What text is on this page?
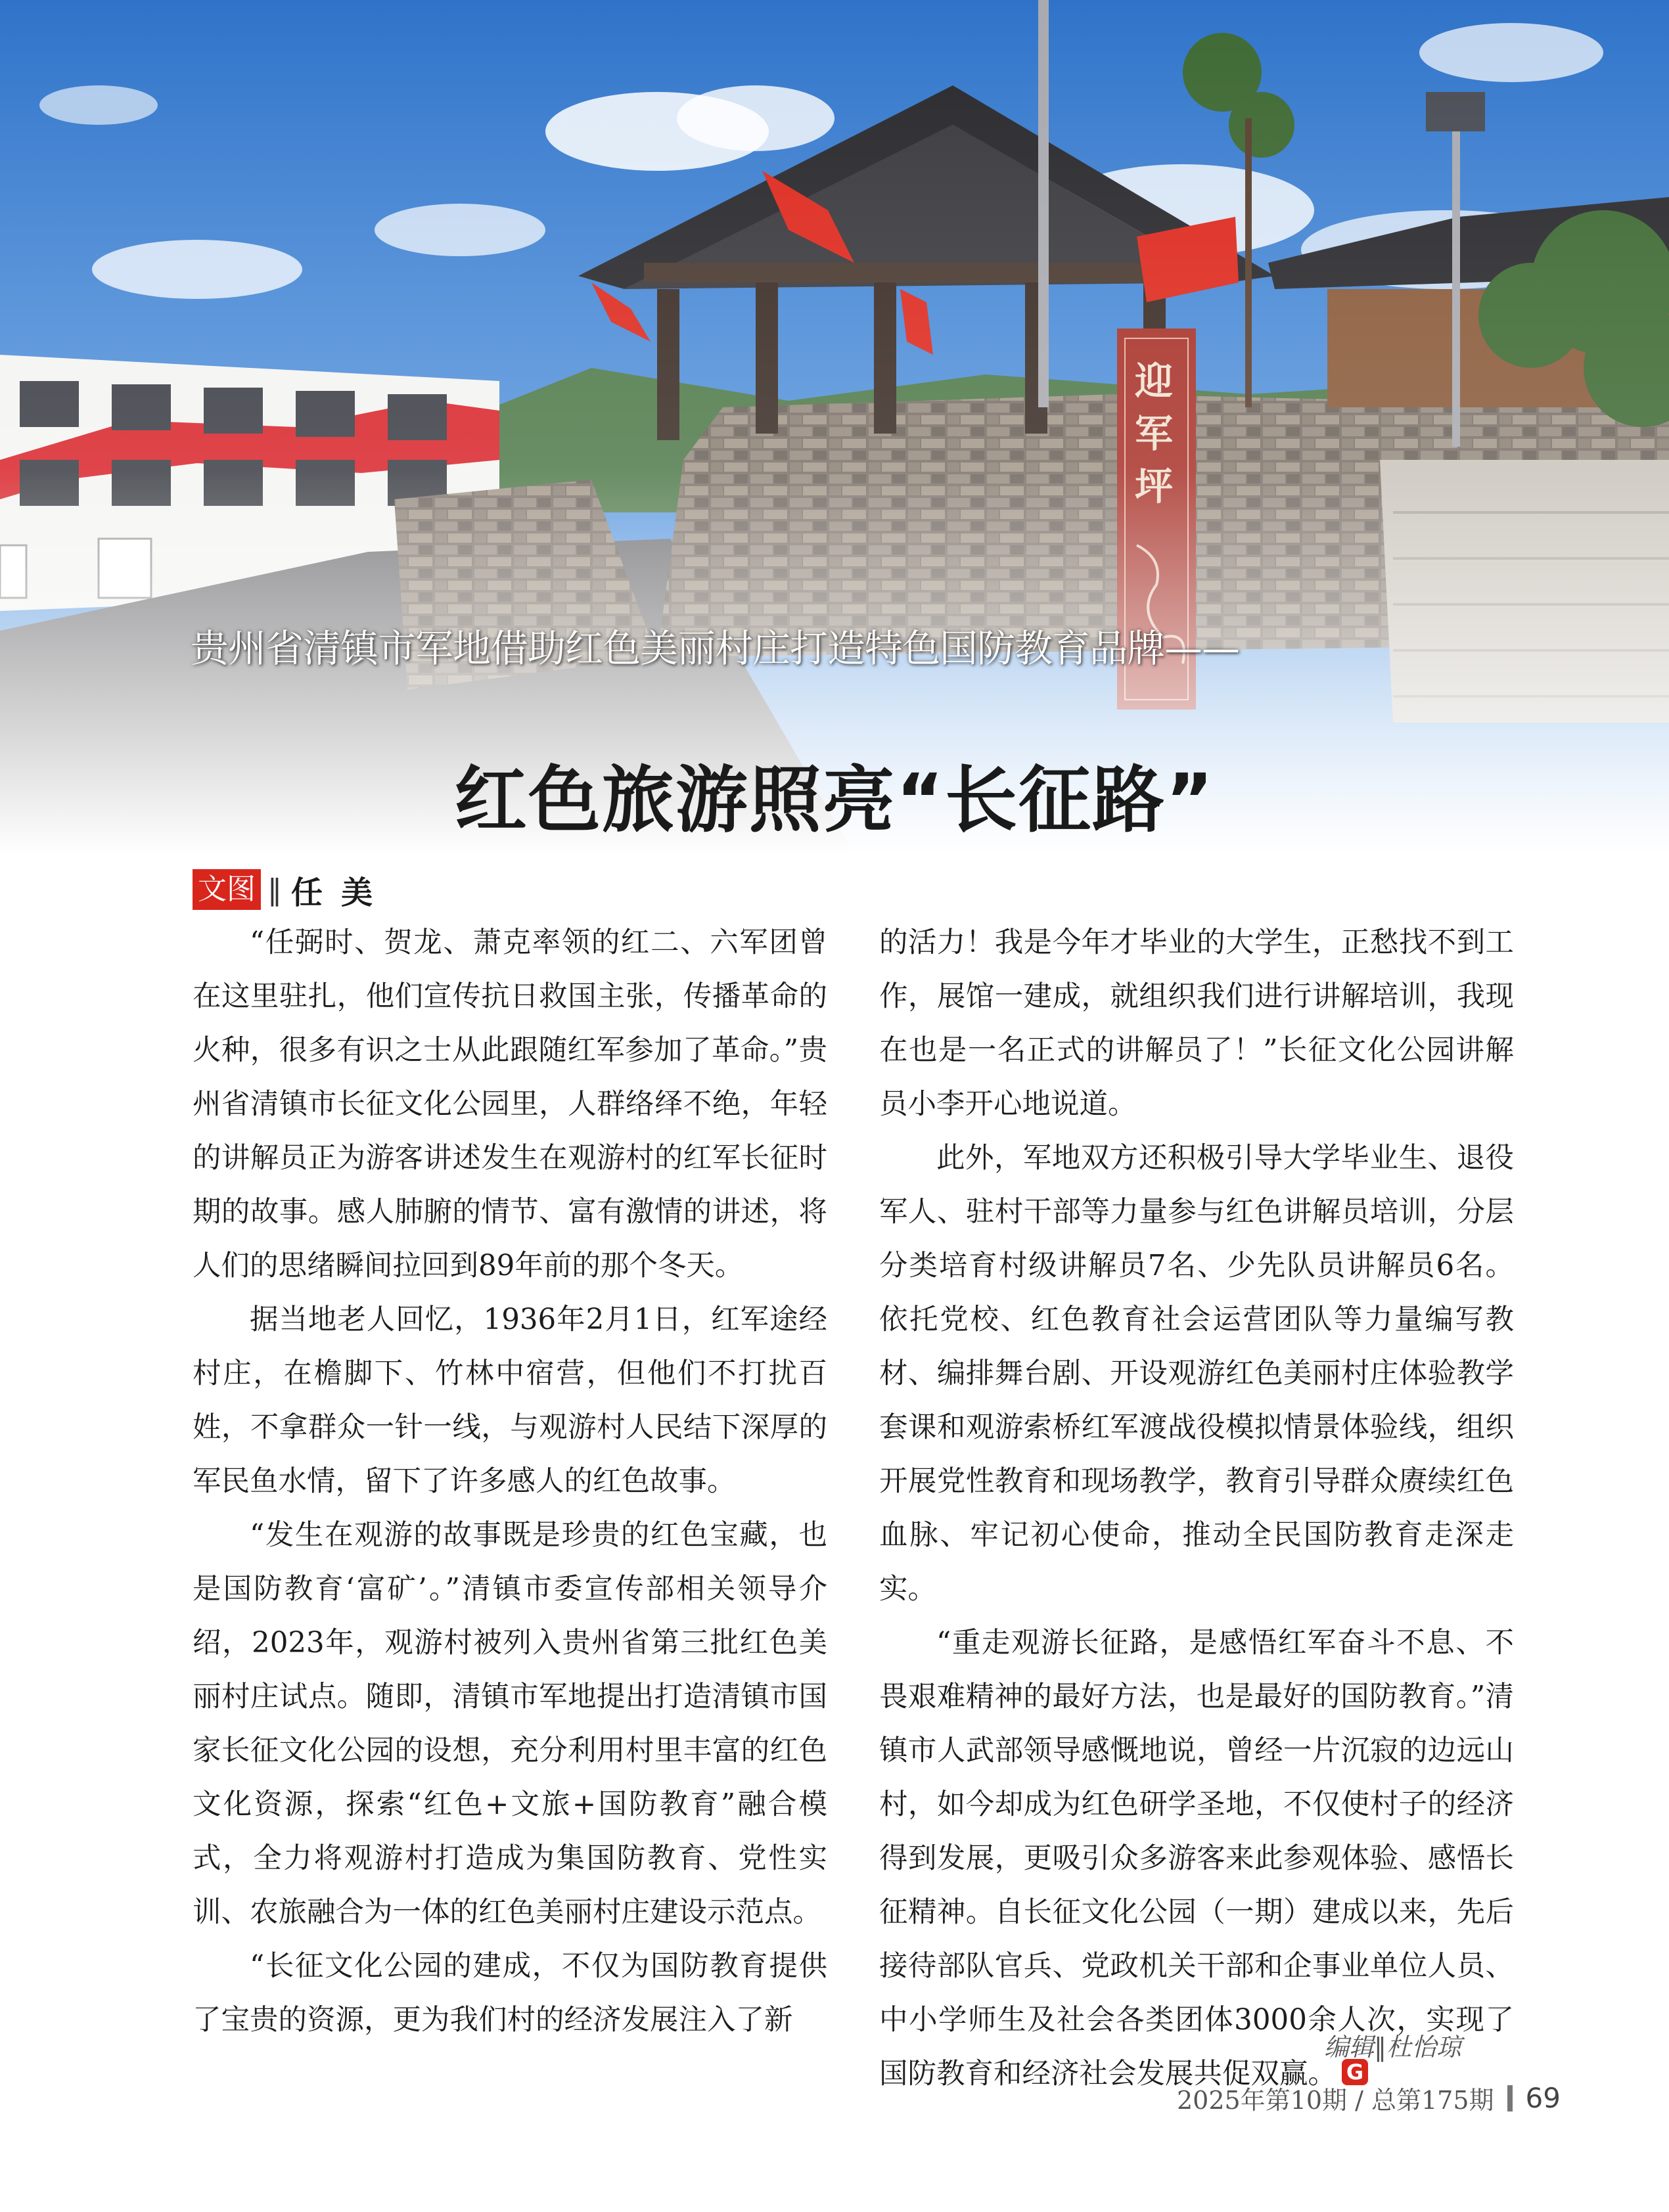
迎军坪
贵州省清镇市军地借助红色美丽村庄打造特色国防教育品牌——
红色旅游照亮“长征路”
文图 ‖ 任美

“任弼时、贺龙、萧克率领的红二、六军团曾在这里驻扎，他们宣传抗日救国主张，传播革命的火种，很多有识之士从此跟随红军参加了革命。”贵州省清镇市长征文化公园里，人群络绎不绝，年轻的讲解员正为游客讲述发生在观游村的红军长征时期的故事。感人肺腑的情节、富有激情的讲述，将人们的思绪瞬间拉回到89年前的那个冬天。

据当地老人回忆，1936年2月1日，红军途经村庄，在檐脚下、竹林中宿营，但他们不打扰百姓，不拿群众一针一线，与观游村人民结下深厚的军民鱼水情，留下了许多感人的红色故事。

“发生在观游的故事既是珍贵的红色宝藏，也是国防教育‘富矿’。”清镇市委宣传部相关领导介绍，2023年，观游村被列入贵州省第三批红色美丽村庄试点。随即，清镇市军地提出打造清镇市国家长征文化公园的设想，充分利用村里丰富的红色文化资源，探索“红色+文旅+国防教育”融合模式，全力将观游村打造成为集国防教育、党性实训、农旅融合为一体的红色美丽村庄建设示范点。

“长征文化公园的建成，不仅为国防教育提供了宝贵的资源，更为我们村的经济发展注入了新

的活力！我是今年才毕业的大学生，正愁找不到工作，展馆一建成，就组织我们进行讲解培训，我现在也是一名正式的讲解员了！”长征文化公园讲解员小李开心地说道。

此外，军地双方还积极引导大学毕业生、退役军人、驻村干部等力量参与红色讲解员培训，分层分类培育村级讲解员7名、少先队员讲解员6名。依托党校、红色教育社会运营团队等力量编写教材、编排舞台剧、开设观游红色美丽村庄体验教学套课和观游索桥红军渡战役模拟情景体验线，组织开展党性教育和现场教学，教育引导群众赓续红色血脉、牢记初心使命，推动全民国防教育走深走实。

“重走观游长征路，是感悟红军奋斗不息、不畏艰难精神的最好方法，也是最好的国防教育。”清镇市人武部领导感慨地说，曾经一片沉寂的边远山村，如今却成为红色研学圣地，不仅使村子的经济得到发展，更吸引众多游客来此参观体验、感悟长征精神。自长征文化公园（一期）建成以来，先后接待部队官兵、党政机关干部和企事业单位人员、中小学师生及社会各类团体3000余人次，实现了国防教育和经济社会发展共促双赢。 G

编辑‖杜怡琼
2025年第10期 / 总第175期 69
